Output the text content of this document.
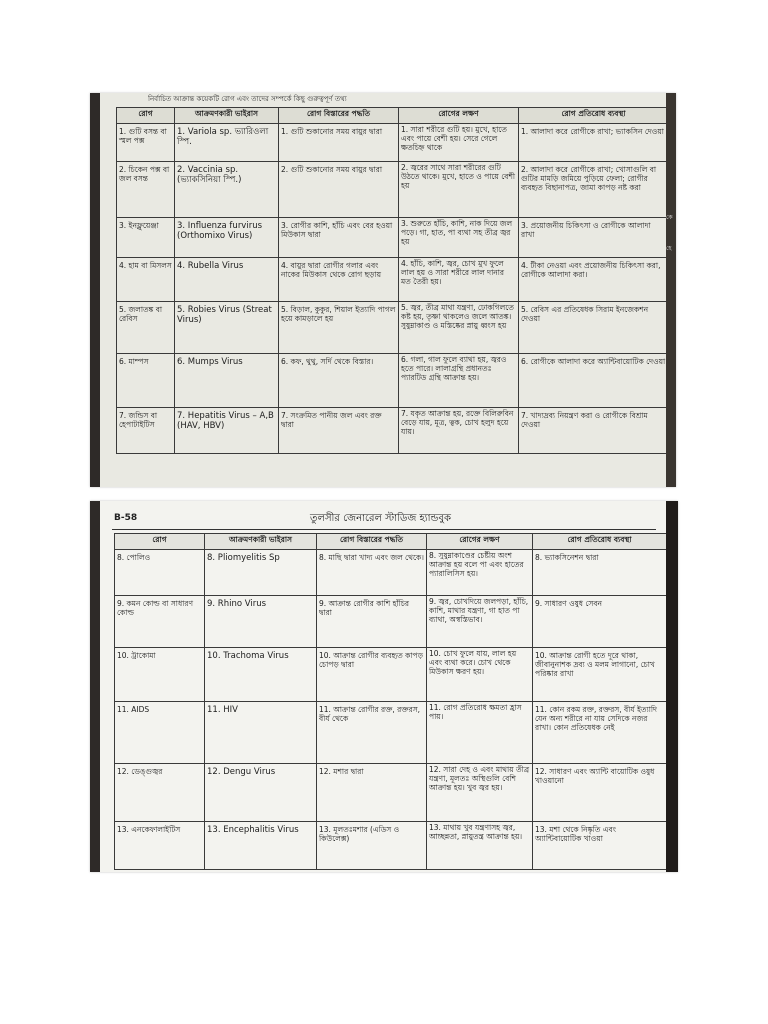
নির্বাচিত আক্রান্ত কয়েকটি রোগ এবং তাদের সম্পর্কে কিছু গুরুত্বপূর্ণ তথ্য
রোগ	আক্রমণকারী ভাইরাস	রোগ বিস্তারের পদ্ধতি	রোগের লক্ষণ	রোগ প্রতিরোধ ব্যবস্থা
1. গুটি বসন্ত বা স্মল পক্স	1. Variola sp. ভ্যারিওলা স্পি.	1. গুটি শুকানোর সময় বায়ুর দ্বারা	1. সারা শরীরে গুটি হয়। মুখে, হাতে এবং পায়ে বেশী হয়। সেরে গেলে ক্ষতচিহ্ন থাকে	1. আলাদা করে রোগীকে রাখা; ভ্যাকসিন দেওয়া
2. চিকেন পক্স বা জল বসন্ত	2. Vaccinia sp. (ভ্যাকসিনিয়া স্পি.)	2. গুটি শুকানোর সময় বায়ুর দ্বারা	2. জ্বরের সাথে সারা শরীরের গুটি উঠতে থাকে। মুখে, হাতে ও পায়ে বেশী হয়	2. আলাদা করে রোগীকে রাখা; খোসাগুলি বা গুটির মামড়ি জমিয়ে পুড়িয়ে ফেলা; রোগীর ব্যবহৃত বিছানাপত্র, জামা কাপড় নষ্ট করা
3. ইনফ্লুয়েঞ্জা	3. Influenza furvirus (Orthomixo Virus)	3. রোগীর কাশি, হাঁচি এবং বের হওয়া মিউকাস দ্বারা	3. শুরুতে হাঁচি, কাশি, নাক দিয়ে জল পড়ে। গা, হাত, পা ব্যথা সহ তীব্র জ্বর হয়	3. প্রয়োজনীয় চিকিৎসা ও রোগীকে আলাদা রাখা
4. হাম বা মিসলস	4. Rubella Virus	4. বায়ুর দ্বারা রোগীর গলার এবং নাকের মিউকাস থেকে রোগ ছড়ায়	4. হাঁচি, কাশি, জ্বর, চোখ মুখ ফুলে লাল হয় ও সারা শরীরে লাল দানার মত তৈরী হয়।	4. টীকা নেওয়া এবং প্রয়োজনীয় চিকিৎসা করা, রোগীকে আলাদা করা।
5. জলাতঙ্ক বা রেবিস	5. Robies Virus (Streat Virus)	5. বিড়াল, কুকুর, শিয়াল ইত্যাদি পাগল হয়ে কামড়ালে হয়	5. জ্বর, তীব্র মাথা যন্ত্রণা, ঢোকগিলতে কষ্ট হয়, তৃষ্ণা থাকলেও জলে আতঙ্ক। সুষুম্নাকাণ্ড ও মস্তিষ্কের স্নায়ু ধ্বংস হয়	5. রেবিস এর প্রতিষেধক সিরাম ইনজেকশন দেওয়া
6. মাম্পস	6. Mumps Virus	6. কফ, থুথু, সর্দি থেকে বিস্তার।	6. গলা, গাল ফুলে ব্যাথা হয়, জ্বরও হতে পারে। লালাগ্রন্থি প্রধানতঃ প্যারটিড গ্রন্থি আক্রান্ত হয়।	6. রোগীকে আলাদা করে অ্যান্টিবায়োটিক দেওয়া
7. জন্ডিস বা হেপাটাইটিস	7. Hepatitis Virus – A,B (HAV, HBV)	7. সংক্রমিত পানীয় জল এবং রক্ত দ্বারা	7. যকৃত আক্রান্ত হয়, রক্তে বিলিরুবিন বেড়ে যায়, মূত্র, ত্বক, চোখ হলুদ হয়ে যায়।	7. খাদ্যদ্রব্য নিয়ন্ত্রণ করা ও রোগীকে বিশ্রাম দেওয়া
কে
হে
B-58	তুলসীর জেনারেল স্টাডিজ হ্যান্ডবুক
রোগ	আক্রমণকারী ভাইরাস	রোগ বিস্তারের পদ্ধতি	রোগের লক্ষণ	রোগ প্রতিরোধ ব্যবস্থা
8. পোলিও	8. Pliomyelitis Sp	8. মাছি দ্বারা খাদ্য এবং জল থেকে।	8. সুষুম্নাকাণ্ডের চেষ্টীয় অংশ আক্রান্ত হয় বলে পা এবং হাতের প্যারালিসিস হয়।	8. ভ্যাকসিনেশন দ্বারা
9. কমন কোল্ড বা সাধারণ কোল্ড	9. Rhino Virus	9. আক্রান্ত রোগীর কাশি হাঁচির দ্বারা	9. জ্বর, চোখদিয়ে জলপড়া, হাঁচি, কাশি, মাথার যন্ত্রণা, গা হাত পা ব্যাথা, অস্বস্তিভাব।	9. সাধারণ ওষুধ সেবন
10. ট্রাকোমা	10. Trachoma Virus	10. আক্রান্ত রোগীর ব্যবহৃত কাপড় চোপড় দ্বারা	10. চোখ ফুলে যায়, লাল হয় এবং ব্যথা করে। চোখ থেকে মিউকাস ক্ষরণ হয়।	10. আক্রান্ত রোগী হতে দূরে থাকা, জীবানুনাশক দ্রব্য ও মলম লাগানো, চোখ পরিষ্কার রাখা
11. AIDS	11. HIV	11. আক্রান্ত রোগীর রক্ত, রক্তরস, বীর্য থেকে	11. রোগ প্রতিরোধ ক্ষমতা হ্রাস পায়।	11. কোন রকম রক্ত, রক্তরস, বীর্য ইত্যাদি যেন অন্য শরীরে না যায় সেদিকে নজর রাখা। কোন প্রতিষেধক নেই
12. ডেঙ্গুজ্বর	12. Dengu Virus	12. মশার দ্বারা	12. সারা দেহ ও এবং মাথায় তীব্র যন্ত্রণা, মূলতঃ অস্থিগুলি বেশি আক্রান্ত হয়। খুব জ্বর হয়।	12. সাধারণ এবং অ্যান্টি বায়োটিক ওষুধ খাওয়ানো
13. এনকেফালাইটিস	13. Encephalitis Virus	13. মূলতঃমশার (এডিস ও কিউলেক্স)	13. মাথায় খুব যন্ত্রণাসহ জ্বর, আচ্ছন্নতা, স্নায়ুতন্ত্র আক্রান্ত হয়।	13. মশা থেকে নিষ্কৃতি এবং অ্যান্টিবায়োটিক খাওয়া
